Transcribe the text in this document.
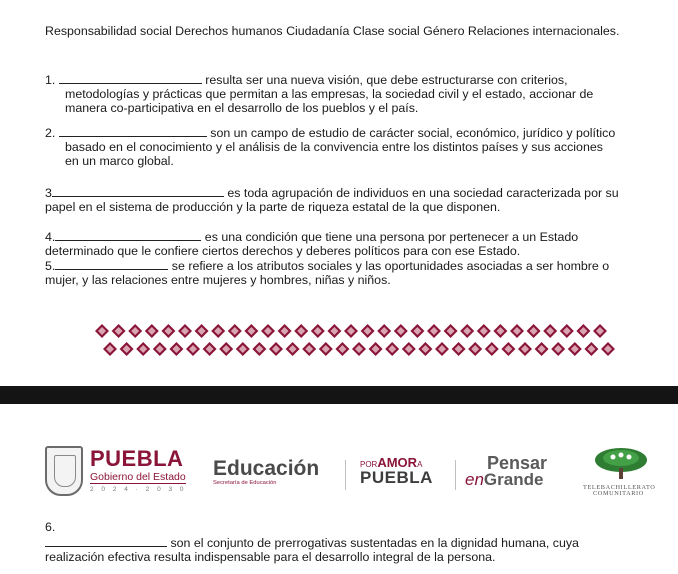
Responsabilidad social Derechos humanos Ciudadanía Clase social Género Relaciones internacionales.
1.	resulta ser una nueva visión, que debe estructurarse con criterios,
metodologías y prácticas que permitan a las empresas, la sociedad civil y el estado, accionar de
manera co-participativa en el desarrollo de los pueblos y el país.
2.	son un campo de estudio de carácter social, económico, jurídico y político
basado en el conocimiento y el análisis de la convivencia entre los distintos países y sus acciones
en un marco global.
3	es toda agrupación de individuos en una sociedad caracterizada por su
papel en el sistema de producción y la parte de riqueza estatal de la que disponen.
4.	es una condición que tiene una persona por pertenecer a un Estado
determinado que le confiere ciertos derechos y deberes políticos para con ese Estado.
5.	se refiere a los atributos sociales y las oportunidades asociadas a ser hombre o
mujer, y las relaciones entre mujeres y hombres, niñas y niños.
PUEBLA
Gobierno del Estado
2 0 2 4 · 2 0 3 0
Educación
Secretaría de Educación
PORAMORA
PUEBLA
Pensar
enGrande	TELEBACHILLERATO
COMUNITARIO
6.
son el conjunto de prerrogativas sustentadas en la dignidad humana, cuya
realización efectiva resulta indispensable para el desarrollo integral de la persona.
